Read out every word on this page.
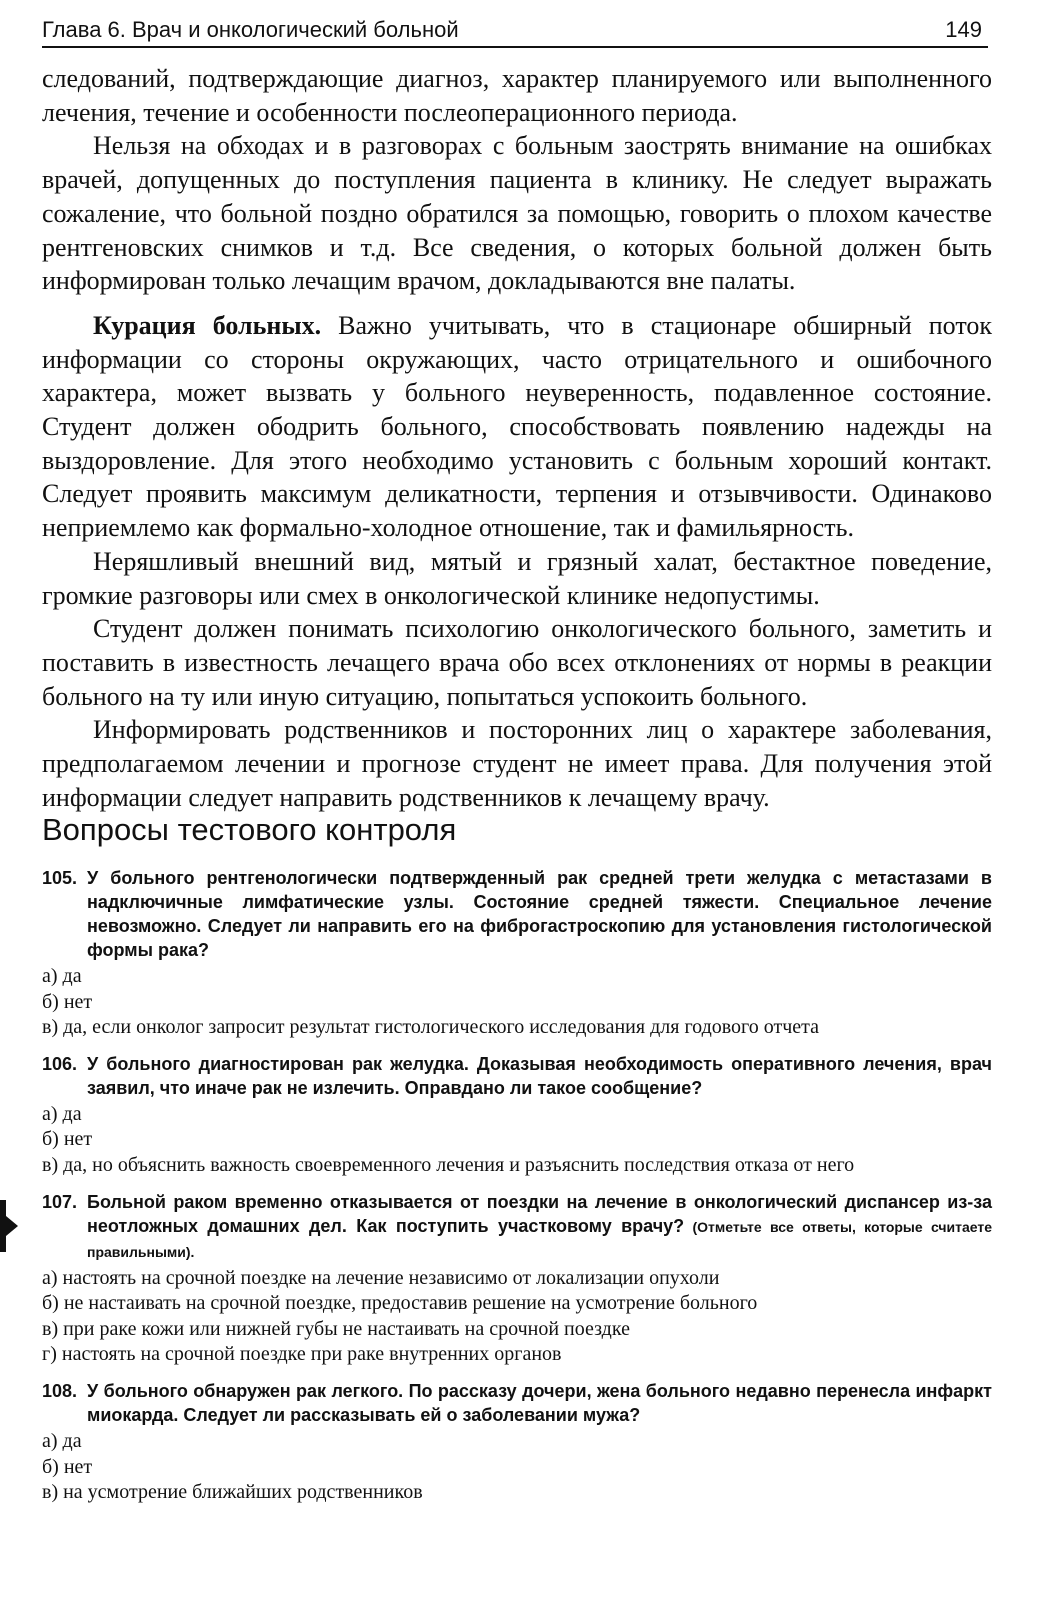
Глава 6. Врач и онкологический больной	149

следований, подтверждающие диагноз, характер планируемого или выполненного лечения, течение и особенности послеоперационного периода.

Нельзя на обходах и в разговорах с больным заострять внимание на ошибках врачей, допущенных до поступления пациента в клинику. Не следует выражать сожаление, что больной поздно обратился за помощью, говорить о плохом качестве рентгеновских снимков и т.д. Все сведения, о которых больной должен быть информирован только лечащим врачом, докладываются вне палаты.

Курация больных. Важно учитывать, что в стационаре обширный поток информации со стороны окружающих, часто отрицательного и ошибочного характера, может вызвать у больного неуверенность, подавленное состояние. Студент должен ободрить больного, способствовать появлению надежды на выздоровление. Для этого необходимо установить с больным хороший контакт. Следует проявить максимум деликатности, терпения и отзывчивости. Одинаково неприемлемо как формально-холодное отношение, так и фамильярность.

Неряшливый внешний вид, мятый и грязный халат, бестактное поведение, громкие разговоры или смех в онкологической клинике недопустимы.

Студент должен понимать психологию онкологического больного, заметить и поставить в известность лечащего врача обо всех отклонениях от нормы в реакции больного на ту или иную ситуацию, попытаться успокоить больного.

Информировать родственников и посторонних лиц о характере заболевания, предполагаемом лечении и прогнозе студент не имеет права. Для получения этой информации следует направить родственников к лечащему врачу.

Вопросы тестового контроля
105. У больного рентгенологически подтвержденный рак средней трети желудка с метастазами в надключичные лимфатические узлы. Состояние средней тяжести. Специальное лечение невозможно. Следует ли направить его на фиброгастроскопию для установления гистологической формы рака?
а) да
б) нет
в) да, если онколог запросит результат гистологического исследования для годового отчета
106. У больного диагностирован рак желудка. Доказывая необходимость оперативного лечения, врач заявил, что иначе рак не излечить. Оправдано ли такое сообщение?
а) да
б) нет
в) да, но объяснить важность своевременного лечения и разъяснить последствия отказа от него
107. Больной раком временно отказывается от поездки на лечение в онкологический диспансер из-за неотложных домашних дел. Как поступить участковому врачу? (Отметьте все ответы, которые считаете правильными).
а) настоять на срочной поездке на лечение независимо от локализации опухоли
б) не настаивать на срочной поездке, предоставив решение на усмотрение больного
в) при раке кожи или нижней губы не настаивать на срочной поездке
г) настоять на срочной поездке при раке внутренних органов
108. У больного обнаружен рак легкого. По рассказу дочери, жена больного недавно перенесла инфаркт миокарда. Следует ли рассказывать ей о заболевании мужа?
а) да
б) нет
в) на усмотрение ближайших родственников
